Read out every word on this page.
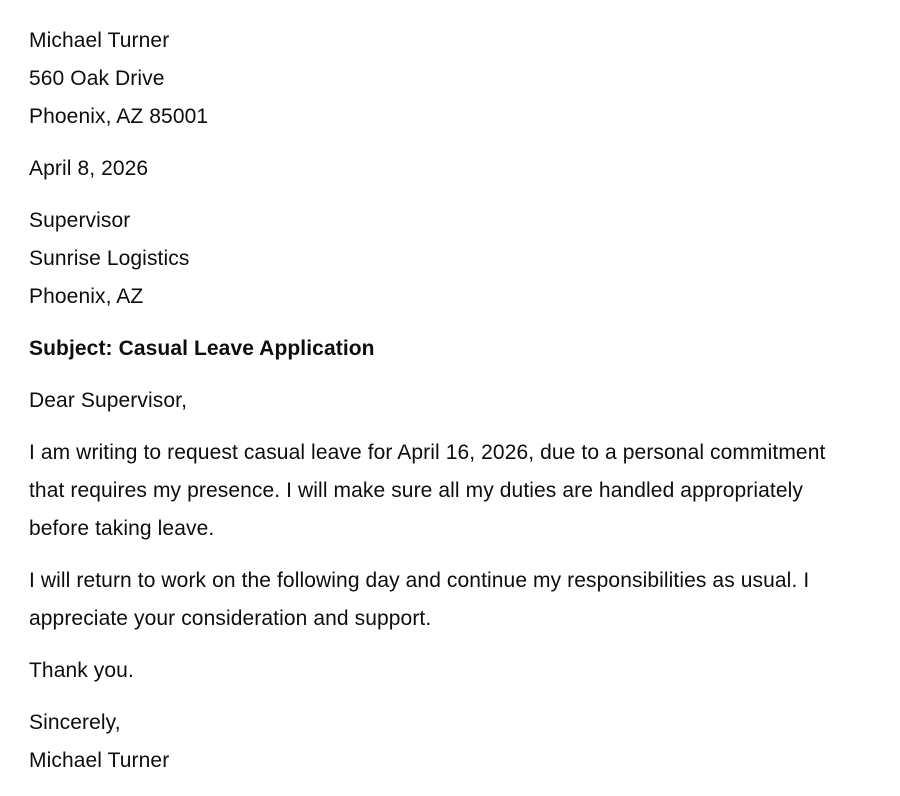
Michael Turner
560 Oak Drive
Phoenix, AZ 85001
April 8, 2026
Supervisor
Sunrise Logistics
Phoenix, AZ
Subject: Casual Leave Application
Dear Supervisor,

I am writing to request casual leave for April 16, 2026, due to a personal commitment that requires my presence. I will make sure all my duties are handled appropriately before taking leave.

I will return to work on the following day and continue my responsibilities as usual. I appreciate your consideration and support.

Thank you.
Sincerely,
Michael Turner
